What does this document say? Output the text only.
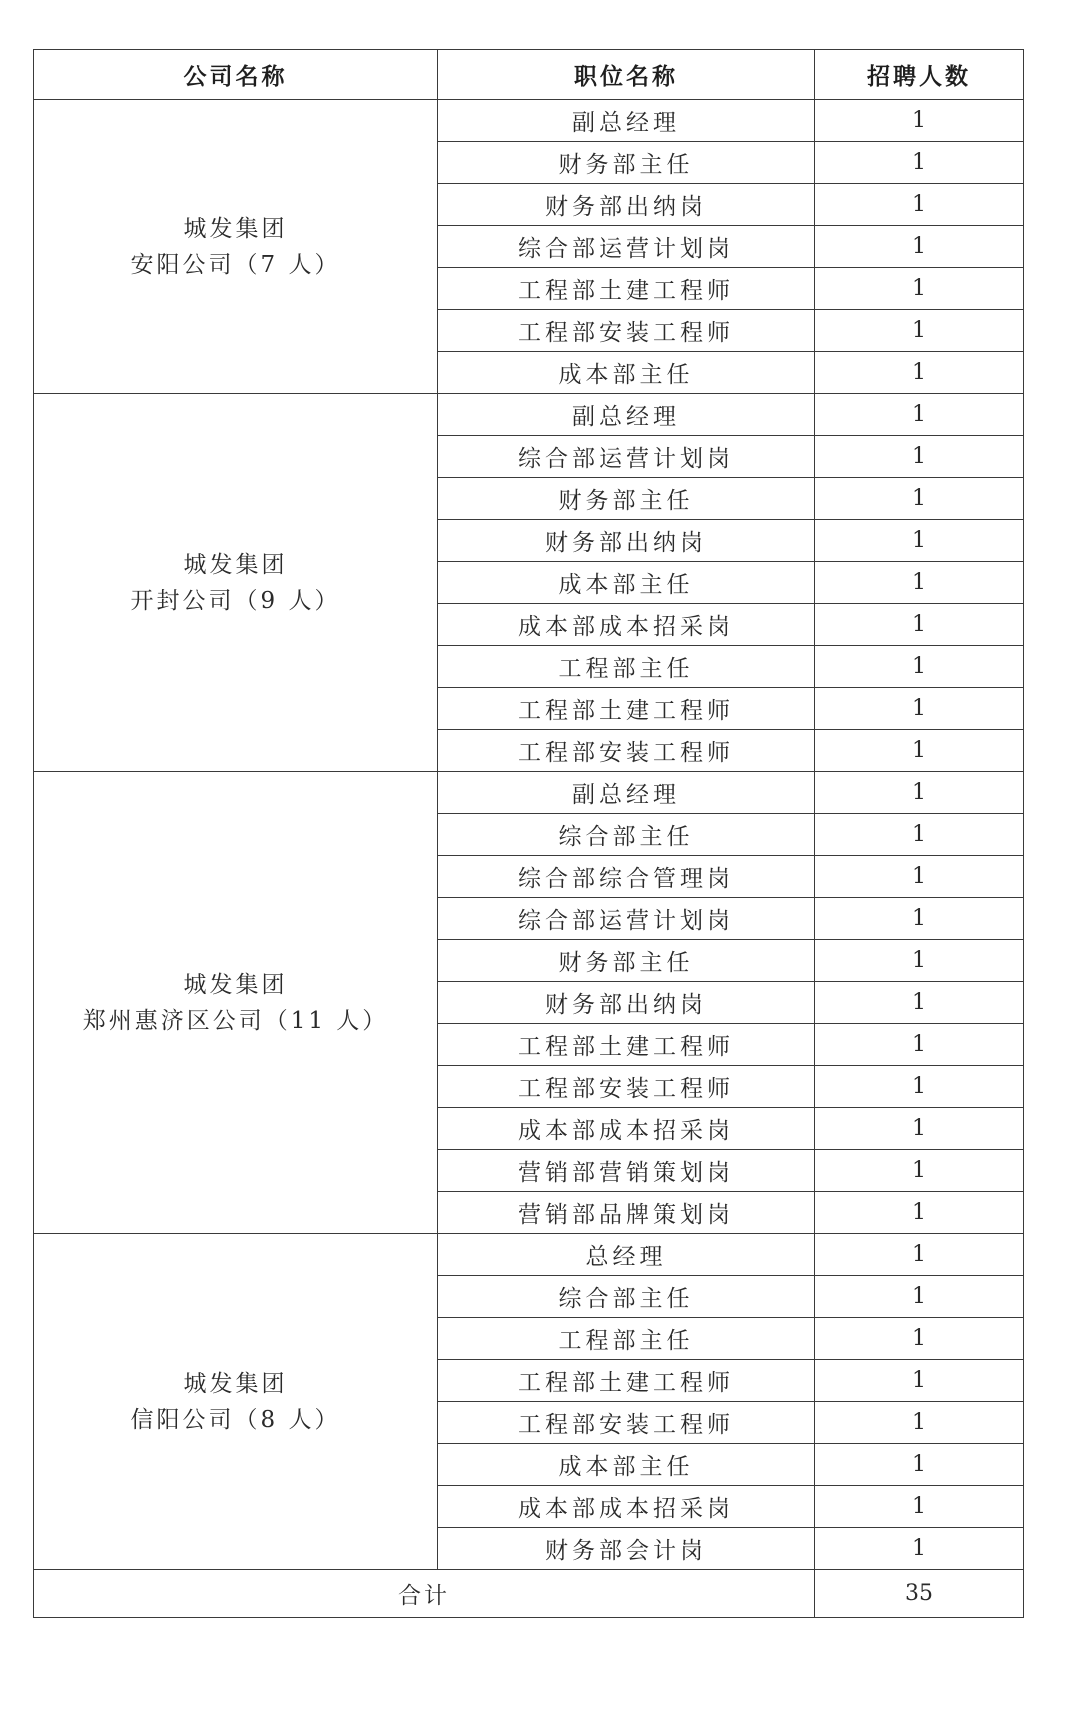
公司名称	职位名称	招聘人数

城发集团
安阳公司（7 人）	副总经理	1
	财务部主任	1
	财务部出纳岗	1
	综合部运营计划岗	1
	工程部土建工程师	1
	工程部安装工程师	1
	成本部主任	1

城发集团
开封公司（9 人）	副总经理	1
	综合部运营计划岗	1
	财务部主任	1
	财务部出纳岗	1
	成本部主任	1
	成本部成本招采岗	1
	工程部主任	1
	工程部土建工程师	1
	工程部安装工程师	1

城发集团
郑州惠济区公司（11 人）	副总经理	1
	综合部主任	1
	综合部综合管理岗	1
	综合部运营计划岗	1
	财务部主任	1
	财务部出纳岗	1
	工程部土建工程师	1
	工程部安装工程师	1
	成本部成本招采岗	1
	营销部营销策划岗	1
	营销部品牌策划岗	1

城发集团
信阳公司（8 人）	总经理	1
	综合部主任	1
	工程部主任	1
	工程部土建工程师	1
	工程部安装工程师	1
	成本部主任	1
	成本部成本招采岗	1
	财务部会计岗	1
合计		35
